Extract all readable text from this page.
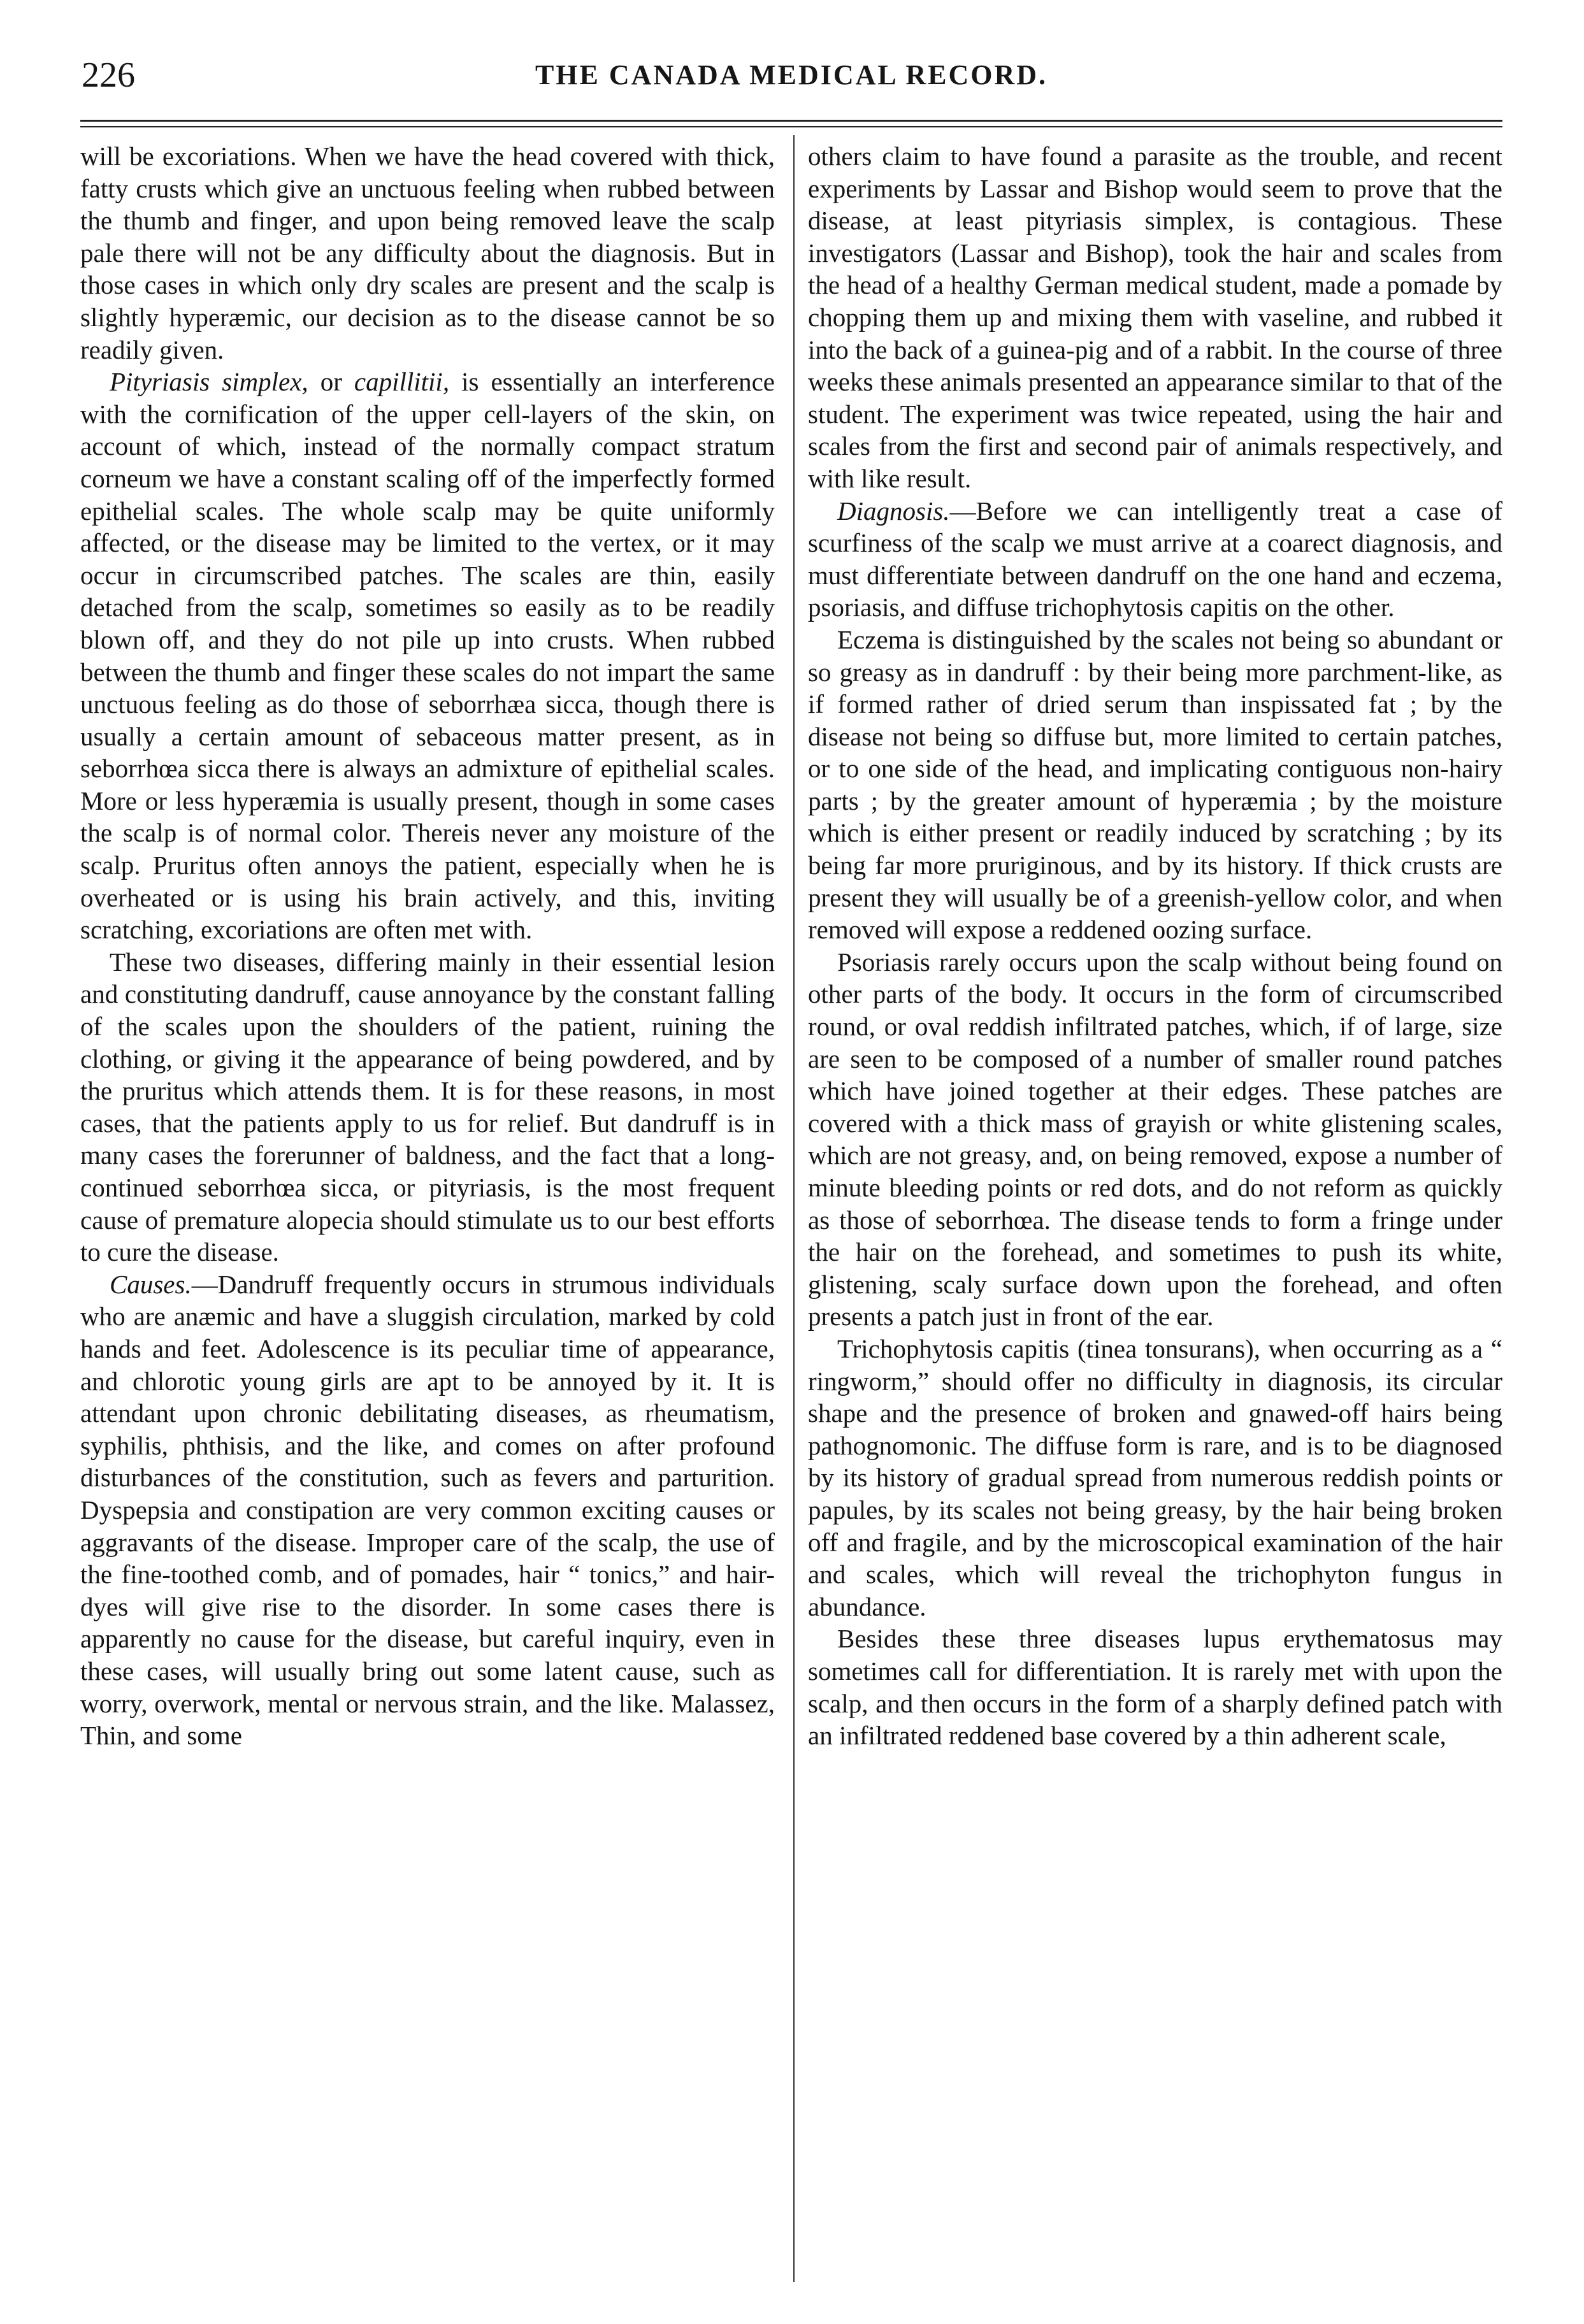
226	THE CANADA MEDICAL RECORD.

will be excoriations. When we have the head covered with thick, fatty crusts which give an unctuous feeling when rubbed between the thumb and finger, and upon being removed leave the scalp pale there will not be any difficulty about the diagnosis. But in those cases in which only dry scales are present and the scalp is slightly hyperæmic, our decision as to the disease cannot be so readily given.

Pityriasis simplex, or capillitii, is essentially an interference with the cornification of the upper cell-layers of the skin, on account of which, instead of the normally compact stratum corneum we have a constant scaling off of the imperfectly formed epithelial scales. The whole scalp may be quite uniformly affected, or the disease may be limited to the vertex, or it may occur in circumscribed patches. The scales are thin, easily detached from the scalp, sometimes so easily as to be readily blown off, and they do not pile up into crusts. When rubbed between the thumb and finger these scales do not impart the same unctuous feeling as do those of seborrhæa sicca, though there is usually a certain amount of sebaceous matter present, as in seborrhœa sicca there is always an admixture of epithelial scales. More or less hyperæmia is usually present, though in some cases the scalp is of normal color. Thereis never any moisture of the scalp. Pruritus often annoys the patient, especially when he is overheated or is using his brain actively, and this, inviting scratching, excoriations are often met with.

These two diseases, differing mainly in their essential lesion and constituting dandruff, cause annoyance by the constant falling of the scales upon the shoulders of the patient, ruining the clothing, or giving it the appearance of being powdered, and by the pruritus which attends them. It is for these reasons, in most cases, that the patients apply to us for relief. But dandruff is in many cases the forerunner of baldness, and the fact that a long-continued seborrhœa sicca, or pityriasis, is the most frequent cause of premature alopecia should stimulate us to our best efforts to cure the disease.

Causes.—Dandruff frequently occurs in strumous individuals who are anæmic and have a sluggish circulation, marked by cold hands and feet. Adolescence is its peculiar time of appearance, and chlorotic young girls are apt to be annoyed by it. It is attendant upon chronic debilitating diseases, as rheumatism, syphilis, phthisis, and the like, and comes on after profound disturbances of the constitution, such as fevers and parturition. Dyspepsia and constipation are very common exciting causes or aggravants of the disease. Improper care of the scalp, the use of the fine-toothed comb, and of pomades, hair “ tonics,” and hair-dyes will give rise to the disorder. In some cases there is apparently no cause for the disease, but careful inquiry, even in these cases, will usually bring out some latent cause, such as worry, overwork, mental or nervous strain, and the like. Malassez, Thin, and some

others claim to have found a parasite as the trouble, and recent experiments by Lassar and Bishop would seem to prove that the disease, at least pityriasis simplex, is contagious. These investigators (Lassar and Bishop), took the hair and scales from the head of a healthy German medical student, made a pomade by chopping them up and mixing them with vaseline, and rubbed it into the back of a guinea-pig and of a rabbit. In the course of three weeks these animals presented an appearance similar to that of the student. The experiment was twice repeated, using the hair and scales from the first and second pair of animals respectively, and with like result.

Diagnosis.—Before we can intelligently treat a case of scurfiness of the scalp we must arrive at a coarect diagnosis, and must differentiate between dandruff on the one hand and eczema, psoriasis, and diffuse trichophytosis capitis on the other.

Eczema is distinguished by the scales not being so abundant or so greasy as in dandruff : by their being more parchment-like, as if formed rather of dried serum than inspissated fat ; by the disease not being so diffuse but, more limited to certain patches, or to one side of the head, and implicating contiguous non-hairy parts ; by the greater amount of hyperæmia ; by the moisture which is either present or readily induced by scratching ; by its being far more pruriginous, and by its history. If thick crusts are present they will usually be of a greenish-yellow color, and when removed will expose a reddened oozing surface.

Psoriasis rarely occurs upon the scalp without being found on other parts of the body. It occurs in the form of circumscribed round, or oval reddish infiltrated patches, which, if of large, size are seen to be composed of a number of smaller round patches which have joined together at their edges. These patches are covered with a thick mass of grayish or white glistening scales, which are not greasy, and, on being removed, expose a number of minute bleeding points or red dots, and do not reform as quickly as those of seborrhœa. The disease tends to form a fringe under the hair on the forehead, and sometimes to push its white, glistening, scaly surface down upon the forehead, and often presents a patch just in front of the ear.

Trichophytosis capitis (tinea tonsurans), when occurring as a “ ringworm,” should offer no difficulty in diagnosis, its circular shape and the presence of broken and gnawed-off hairs being pathognomonic. The diffuse form is rare, and is to be diagnosed by its history of gradual spread from numerous reddish points or papules, by its scales not being greasy, by the hair being broken off and fragile, and by the microscopical examination of the hair and scales, which will reveal the trichophyton fungus in abundance.

Besides these three diseases lupus erythematosus may sometimes call for differentiation. It is rarely met with upon the scalp, and then occurs in the form of a sharply defined patch with an infiltrated reddened base covered by a thin adherent scale,
